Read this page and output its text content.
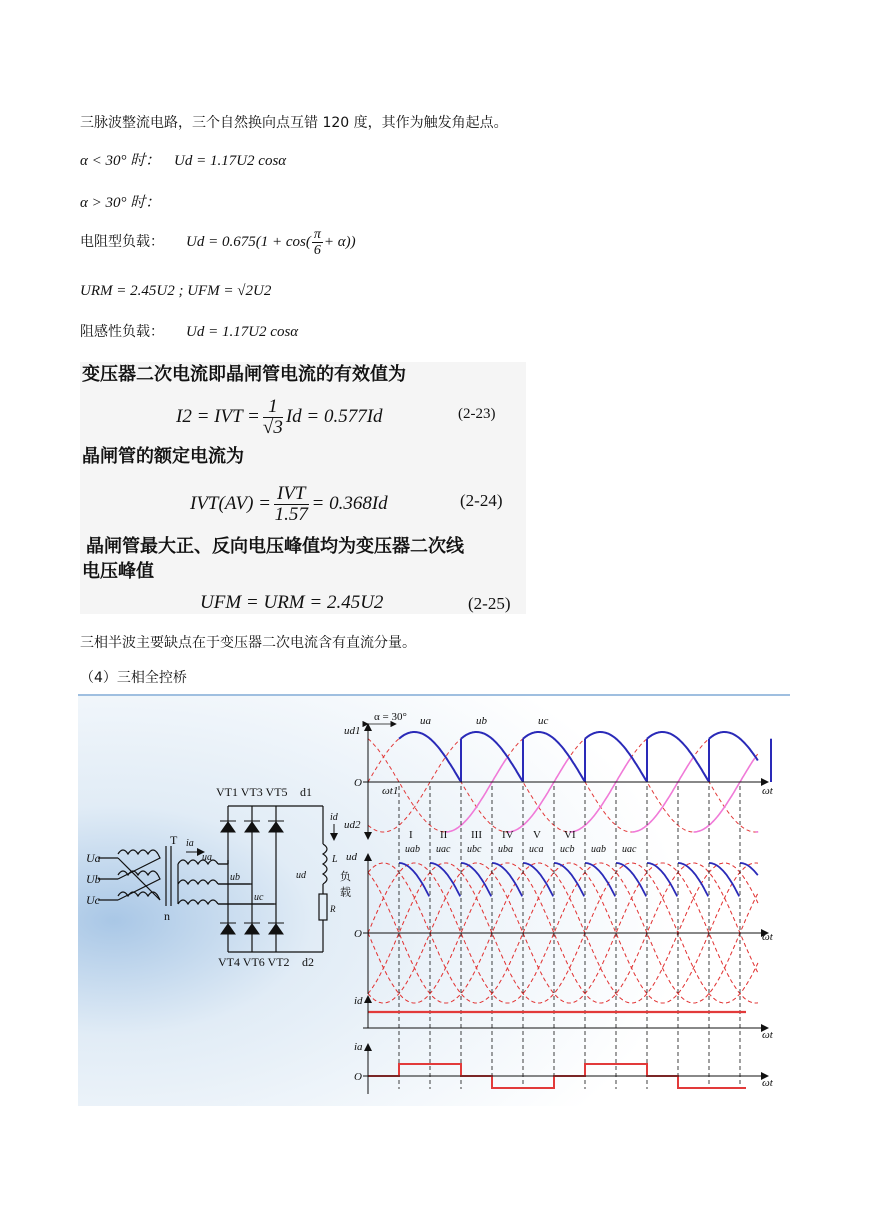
三脉波整流电路，三个自然换向点互错 120 度，其作为触发角起点。
α < 30° 时： Ud = 1.17U2 cosα
α > 30° 时：
电阻型负载： $Ud = 0.675(1 + \cos( \frac{\pi}{6} + \alpha))$
URM = 2.45U2 ; UFM = √2U2
阻感性负载： Ud = 1.17U2 cosα
变压器二次电流即晶闸管电流的有效值为
I2 = IVT = $\frac{1}{√3}$ Id = 0.577Id	(2-23)
晶闸管的额定电流为
$IVT(AV) = \frac{\text{IVT}}{1.57} = 0.368Id$	(2-24)
晶闸管最大正、反向电压峰值均为变压器二次线
电压峰值
UFM = URM = 2.45U2	(2-25)
三相半波主要缺点在于变压器二次电流含有直流分量。
（4）三相全控桥
VT1 VT3 VT5
VT4 VT6 VT2
d1
d2
T
n
Ua
Ub
Uc
ua
ub
uc
ia
id
ud
L
R
负
载
ud1
ud2
ud
id
ia
O
O
O
ωt
ωt
ωt
ωt
ωt1
ua	ub	uc
α = 30°
I II III IV V VI
uab uac ubc uba uca ucb uab uac
